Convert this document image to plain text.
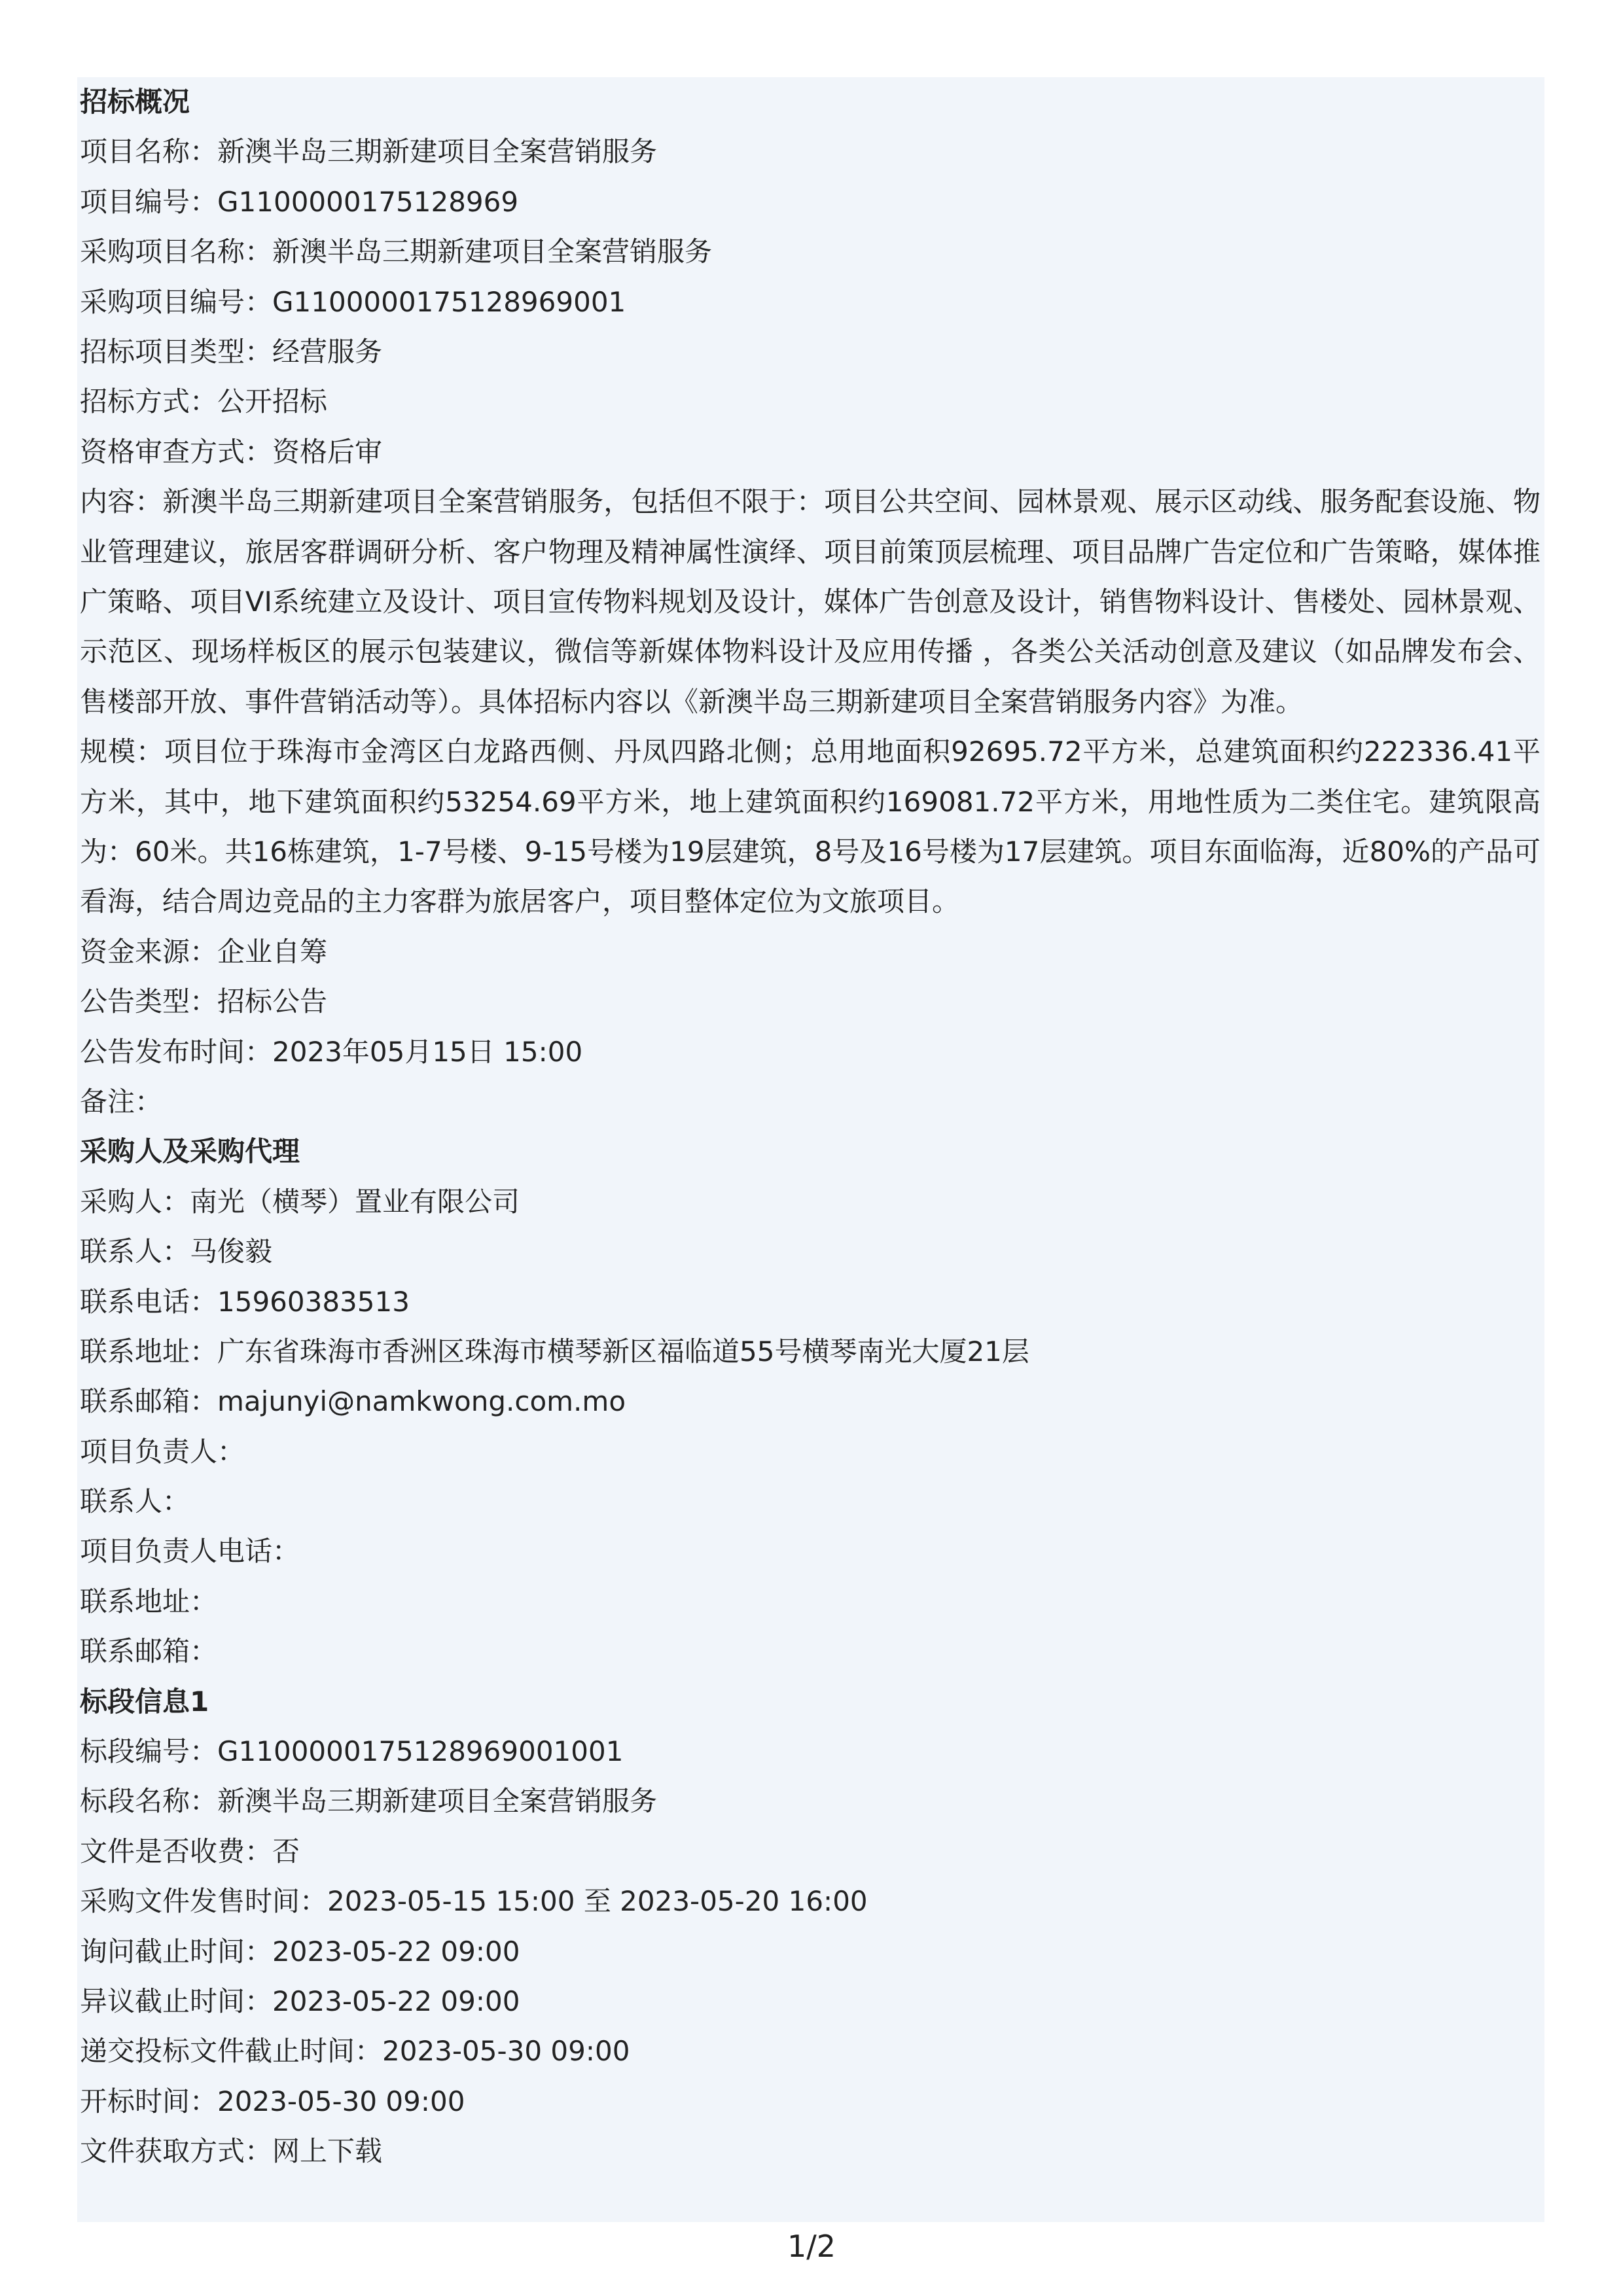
招标概况
项目名称：新澳半岛三期新建项目全案营销服务
项目编号：G1100000175128969
采购项目名称：新澳半岛三期新建项目全案营销服务
采购项目编号：G1100000175128969001
招标项目类型：经营服务
招标方式：公开招标
资格审查方式：资格后审
内容：新澳半岛三期新建项目全案营销服务，包括但不限于：项目公共空间、园林景观、展示区动线、服务配套设施、物业管理建议，旅居客群调研分析、客户物理及精神属性演绎、项目前策顶层梳理、项目品牌广告定位和广告策略，媒体推广策略、项目VI系统建立及设计、项目宣传物料规划及设计，媒体广告创意及设计，销售物料设计、售楼处、园林景观、示范区、现场样板区的展示包装建议，微信等新媒体物料设计及应用传播 ，各类公关活动创意及建议（如品牌发布会、售楼部开放、事件营销活动等）。具体招标内容以《新澳半岛三期新建项目全案营销服务内容》为准。
规模：项目位于珠海市金湾区白龙路西侧、丹凤四路北侧；总用地面积92695.72平方米，总建筑面积约222336.41平方米，其中，地下建筑面积约53254.69平方米，地上建筑面积约169081.72平方米，用地性质为二类住宅。建筑限高为：60米。共16栋建筑，1-7号楼、9-15号楼为19层建筑，8号及16号楼为17层建筑。项目东面临海，近80%的产品可看海，结合周边竞品的主力客群为旅居客户，项目整体定位为文旅项目。
资金来源：企业自筹
公告类型：招标公告
公告发布时间：2023年05月15日 15:00
备注：
采购人及采购代理
采购人：南光（横琴）置业有限公司
联系人：马俊毅
联系电话：15960383513
联系地址：广东省珠海市香洲区珠海市横琴新区福临道55号横琴南光大厦21层
联系邮箱：majunyi@namkwong.com.mo
项目负责人：
联系人：
项目负责人电话：
联系地址：
联系邮箱：
标段信息1
标段编号：G1100000175128969001001
标段名称：新澳半岛三期新建项目全案营销服务
文件是否收费：否
采购文件发售时间：2023-05-15 15:00 至 2023-05-20 16:00
询问截止时间：2023-05-22 09:00
异议截止时间：2023-05-22 09:00
递交投标文件截止时间：2023-05-30 09:00
开标时间：2023-05-30 09:00
文件获取方式：网上下载
1/2
